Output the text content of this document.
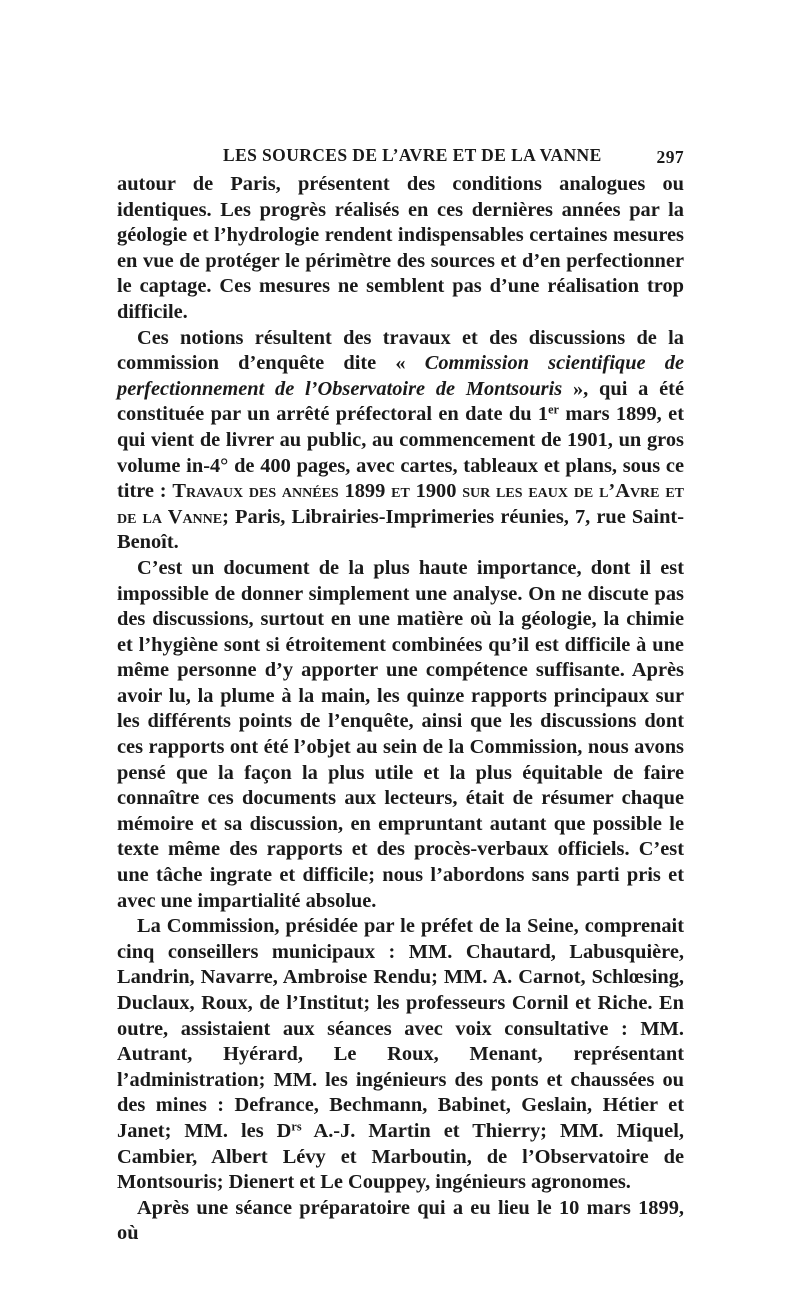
LES SOURCES DE L’AVRE ET DE LA VANNE	297

autour de Paris, présentent des conditions analogues ou identiques. Les progrès réalisés en ces dernières années par la géologie et l’hydrologie rendent indispensables certaines mesures en vue de protéger le périmètre des sources et d’en perfectionner le captage. Ces mesures ne semblent pas d’une réalisation trop difficile.

Ces notions résultent des travaux et des discussions de la commission d’enquête dite « Commission scientifique de perfectionnement de l’Observatoire de Montsouris », qui a été constituée par un arrêté préfectoral en date du 1er mars 1899, et qui vient de livrer au public, au commencement de 1901, un gros volume in-4° de 400 pages, avec cartes, tableaux et plans, sous ce titre : Travaux des années 1899 et 1900 sur les eaux de l’Avre et de la Vanne; Paris, Librairies-Imprimeries réunies, 7, rue Saint-Benoît.

C’est un document de la plus haute importance, dont il est impossible de donner simplement une analyse. On ne discute pas des discussions, surtout en une matière où la géologie, la chimie et l’hygiène sont si étroitement combinées qu’il est difficile à une même personne d’y apporter une compétence suffisante. Après avoir lu, la plume à la main, les quinze rapports principaux sur les différents points de l’enquête, ainsi que les discussions dont ces rapports ont été l’objet au sein de la Commission, nous avons pensé que la façon la plus utile et la plus équitable de faire connaître ces documents aux lecteurs, était de résumer chaque mémoire et sa discussion, en empruntant autant que possible le texte même des rapports et des procès-verbaux officiels. C’est une tâche ingrate et difficile; nous l’abordons sans parti pris et avec une impartialité absolue.

La Commission, présidée par le préfet de la Seine, comprenait cinq conseillers municipaux : MM. Chautard, Labusquière, Landrin, Navarre, Ambroise Rendu; MM. A. Carnot, Schlœsing, Duclaux, Roux, de l’Institut; les professeurs Cornil et Riche. En outre, assistaient aux séances avec voix consultative : MM. Autrant, Hyérard, Le Roux, Menant, représentant l’administration; MM. les ingénieurs des ponts et chaussées ou des mines : Defrance, Bechmann, Babinet, Geslain, Hétier et Janet; MM. les $D^{rs}$ A.-J. Martin et Thierry; MM. Miquel, Cambier, Albert Lévy et Marboutin, de l’Observatoire de Montsouris; Dienert et Le Couppey, ingénieurs agronomes.

Après une séance préparatoire qui a eu lieu le 10 mars 1899, où
